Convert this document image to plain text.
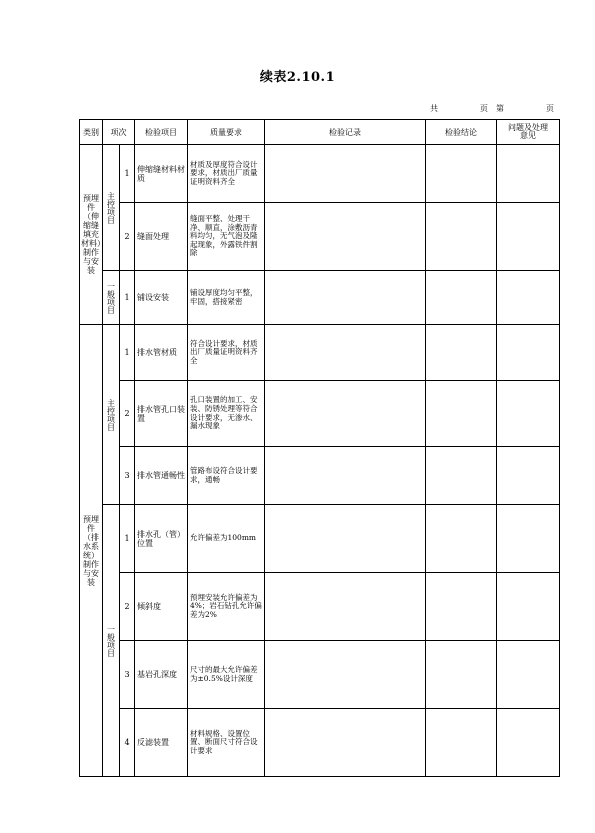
续表2.10.1
共	页 第	页
类别	项次		检验项目	质量要求	检验记录	检验结论	问题及处理
意见

预埋件（伸缩缝填充材料）制作与安装	主控项目	1	伸缩缝材料材质	材质及厚度符合设计要求，材质出厂质量证明资料齐全			
		2	缝面处理	缝面平整、处理干净、顺直，涂敷沥青料均匀，无气泡及隆起现象，外露铁件割除			
	一般项目	1	铺设安装	铺设厚度均匀平整，牢固，搭接紧密			
预埋件（排水系统）制作与安装	主控项目	1	排水管材质	符合设计要求，材质出厂质量证明资料齐全			
		2	排水管孔口装置	孔口装置的加工、安装、防锈处理等符合设计要求，无渗水、漏水现象			
		3	排水管通畅性	管路布设符合设计要求，通畅			
	一般项目	1	排水孔（管）位置	允许偏差为100mm			
		2	倾斜度	预埋安装允许偏差为4%；岩石钻孔允许偏差为2%			
		3	基岩孔深度	尺寸的最大允许偏差为±0.5%设计深度			
		4	反滤装置	材料规格、设置位置、断面尺寸符合设计要求			
